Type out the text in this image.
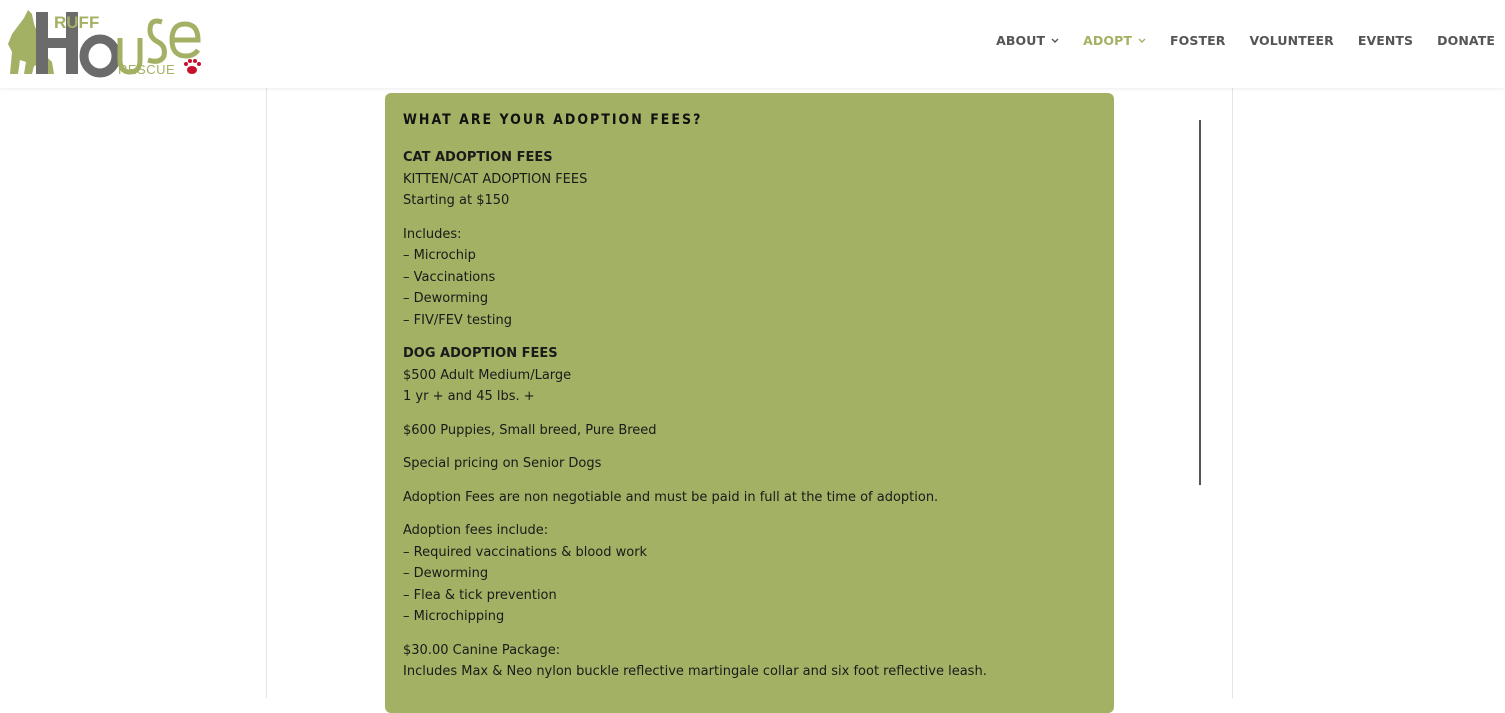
RUFF
RESCUE
ABOUT	ADOPT	FOSTER VOLUNTEER EVENTS DONATE
WHAT ARE YOUR ADOPTION FEES?

CAT ADOPTION FEES
KITTEN/CAT ADOPTION FEES
Starting at $150

Includes:
– Microchip
– Vaccinations
– Deworming
– FIV/FEV testing

DOG ADOPTION FEES
$500 Adult Medium/Large
1 yr + and 45 lbs. +

$600 Puppies, Small breed, Pure Breed

Special pricing on Senior Dogs

Adoption Fees are non negotiable and must be paid in full at the time of adoption.

Adoption fees include:
– Required vaccinations & blood work
– Deworming
– Flea & tick prevention
– Microchipping

$30.00 Canine Package:
Includes Max & Neo nylon buckle reflective martingale collar and six foot reflective leash.
